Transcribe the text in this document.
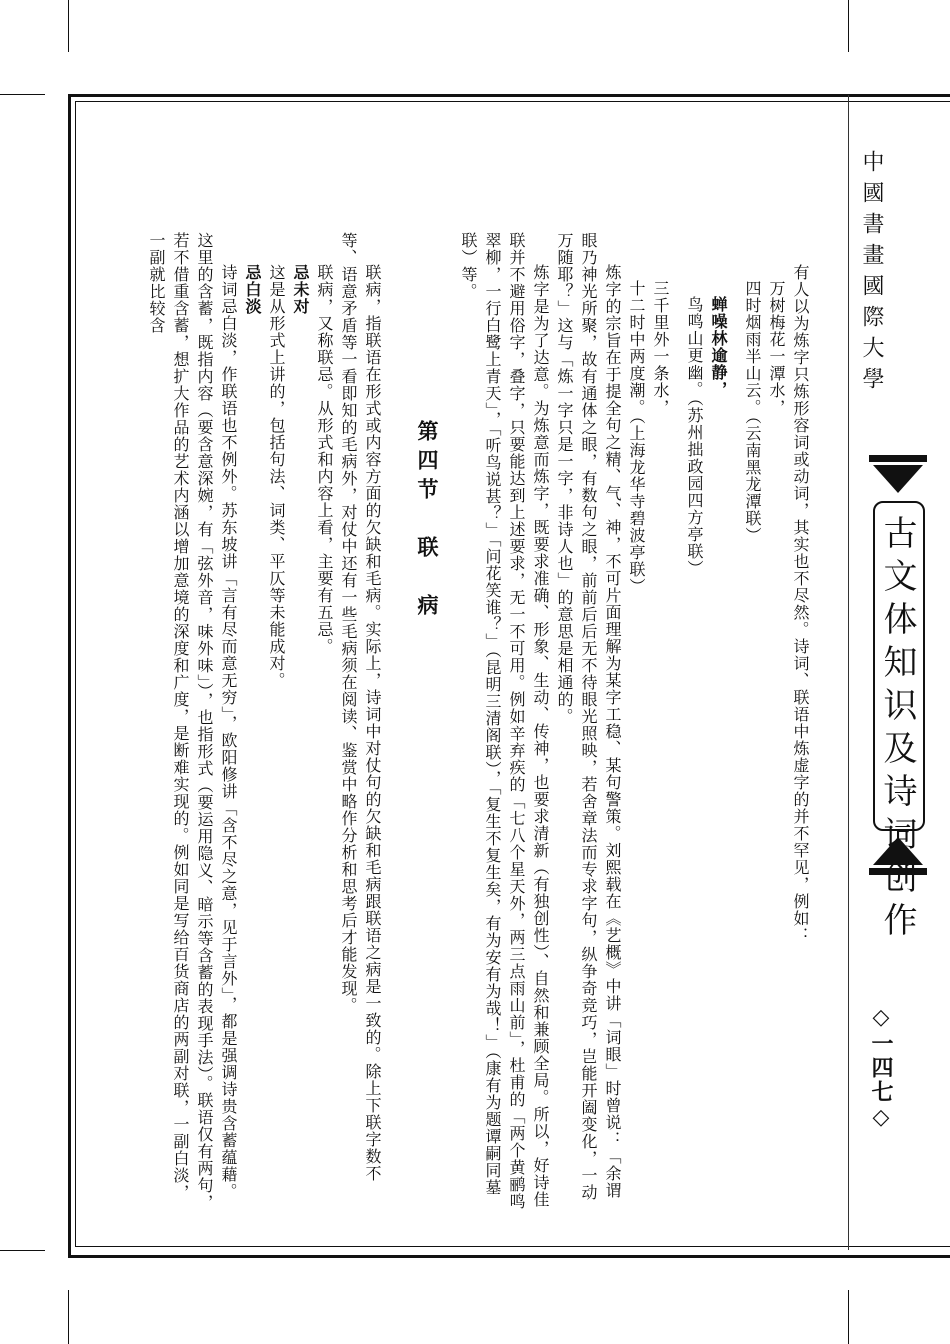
中國書畫國際大學
古文体知识及诗词创作
◇一四七◇

有人以为炼字只炼形容词或动词，其实也不尽然。诗词、联语中炼虚字的并不罕见，例如：

万树梅花一潭水，

四时烟雨半山云。（云南黑龙潭联）

蝉噪林逾静，

鸟鸣山更幽。（苏州拙政园四方亭联）

三千里外一条水，

十二时中两度潮。（上海龙华寺碧波亭联）

炼字的宗旨在于提全句之精、气、神，不可片面理解为某字工稳、某句警策。刘熙载在《艺概》中讲「词眼」时曾说：「余谓眼乃神光所聚，故有通体之眼，有数句之眼，前前后后无不待眼光照映，若舍章法而专求字句，纵争奇竞巧，岂能开阖变化，一动万随耶？」这与「炼一字只是一字，非诗人也」的意思是相通的。

炼字是为了达意。为炼意而炼字，既要求准确、形象、生动、传神，也要求清新（有独创性）、自然和兼顾全局。所以，好诗佳联并不避用俗字，叠字，只要能达到上述要求，无一不可用。例如辛弃疾的「七八个星天外，两三点雨山前」，杜甫的「两个黄鹂鸣翠柳，一行白鹭上青天」，「听鸟说甚？」「问花笑谁？」（昆明三清阁联），「复生不复生矣，有为安有为哉！」（康有为题谭嗣同墓联）等。

第四节　联　病

联病，指联语在形式或内容方面的欠缺和毛病。实际上，诗词中对仗句的欠缺和毛病跟联语之病是一致的。除上下联字数不等、语意矛盾等一看即知的毛病外，对仗中还有一些毛病须在阅读、鉴赏中略作分析和思考后才能发现。

联病，又称联忌。从形式和内容上看，主要有五忌。

忌未对

这是从形式上讲的，包括句法、词类、平仄等未能成对。

忌白淡

诗词忌白淡，作联语也不例外。苏东坡讲「言有尽而意无穷」，欧阳修讲「含不尽之意，见于言外」，都是强调诗贵含蓄蕴藉。这里的含蓄，既指内容（要含意深婉，有「弦外音，味外味」），也指形式（要运用隐义、暗示等含蓄的表现手法）。联语仅有两句，若不借重含蓄，想扩大作品的艺术内涵以增加意境的深度和广度，是断难实现的。例如同是写给百货商店的两副对联，一副白淡，一副就比较含
